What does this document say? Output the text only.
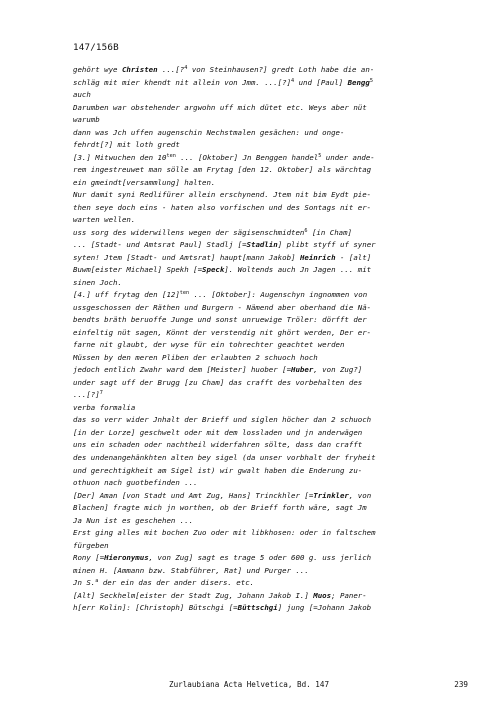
147/156B
gehört wye Christen ...[?$^4$ von Steinhausen?] gredt Loth habe die an-
schläg mit mier khendt nit allein von Jmm. ...[?]$^4$ und [Paul] Bengg$^5$
auch
Darumben war obstehender argwohn uff mich dütet etc. Weys aber nüt
warumb
dann was Jch uffen augenschin Nechstmalen gesächen: und onge-
fehrdt[?] mit loth gredt
[3.] Mitwuchen den $10^{ten}$ ... [Oktober] Jn Benggen handel$^5$ under ande-
rem ingestreuwet man sölle am Frytag [den 12. Oktober] als wärchtag
ein gmeindt[versammlung] halten.
Nur damit syni Redlifürer allein erschynend. Jtem nit bim Eydt pie-
then seye doch eins - haten also vorfischen und des Sontags nit er-
warten wellen.
uss sorg des widerwillens wegen der sägisenschmidten$^6$ [in Cham]
... [Stadt- und Amtsrat Paul] Stadlj [=Stadlin] plibt styff uf syner
syten! Jtem [Stadt- und Amtsrat] haupt[mann Jakob] Heinrich - [alt]
Buwm[eister Michael] Spekh [=Speck]. Woltends auch Jn Jagen ... mit
sinen Joch.
[4.] uff frytag den $[12]^{ten}$ ... [Oktober]: Augenschyn ingnommen von
ussgeschossen der Räthen und Burgern - Nämend aber oberhand die Nä-
bendts bräth beruoffe Junge und sonst unruewige Tröler: dörfft der
einfeltig nüt sagen, Könnt der verstendig nit ghört werden, Der er-
farne nit glaubt, der wyse für ein tohrechter geachtet werden
Müssen by den meren Pliben der erlaubten 2 schuoch hoch
jedoch entlich Zwahr ward dem [Meister] huober [=Huber, von Zug?]
under sagt uff der Brugg [zu Cham] das crafft des vorbehalten des
...[?]$^7$
verba formalia
das so verr wider Jnhalt der Brieff und siglen höcher dan 2 schuoch
[in der Lorze] geschwelt oder mit dem lossladen und jn anderwägen
uns ein schaden oder nachtheil widerfahren sölte, dass dan crafft
des undenangehänkhten alten bey sigel (da unser vorbhalt der fryheit
und gerechtigkheit am Sigel ist) wir gwalt haben die Enderung zu-
othuon nach guotbefinden ...
[Der] Aman [von Stadt und Amt Zug, Hans] Trinckhler [=Trinkler, von
Blachen] fragte mich jn worthen, ob der Brieff forth wäre, sagt Jm
Ja Nun ist es geschehen ...
Erst ging alles mit bochen Zuo oder mit libkhosen: oder in faltschem
fürgeben
Rony [=Hieronymus, von Zug] sagt es trage 5 oder 600 g. uss jerlich
minen H. [Ammann bzw. Stabführer, Rat] und Purger ...
Jn S.$^a$ der ein das der ander disers. etc.
[Alt] Seckhelm[eister der Stadt Zug, Johann Jakob I.] Muos; Paner-
h[err Kolin]: [Christoph] Bütschgi [=Büttschgi] jung [=Johann Jakob
Zurlaubiana Acta Helvetica, Bd. 147	239
